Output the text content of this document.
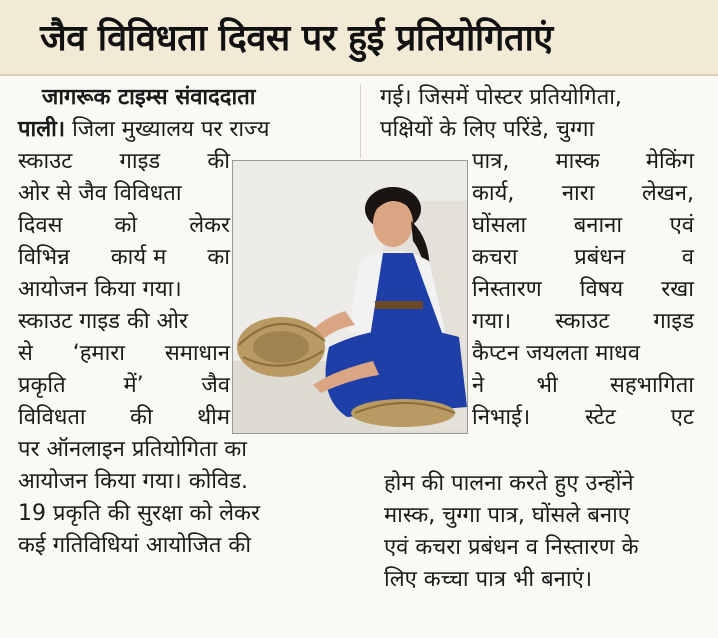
जैव विविधता दिवस पर हुई प्रतियोगिताएं
जागरूक टाइम्स संवाददाता
पाली। जिला मुख्यालय पर राज्य
स्काउट गाइड की
ओर से जैव विविधता
दिवस को लेकर
विभिन्न कार्य म का
आयोजन किया गया।
स्काउट गाइड की ओर
से ‘हमारा समाधान
प्रकृति	में’	जैव
विविधता की थीम
पर ऑनलाइन प्रतियोगिता का
आयोजन किया गया। कोविड.
19 प्रकृति की सुरक्षा को लेकर
कई गतिविधियां आयोजित की
गई। जिसमें पोस्टर प्रतियोगिता,
पक्षियों के लिए परिंडे, चुग्गा
पात्र, मास्क मेकिंग
कार्य, नारा लेखन,
घोंसला बनाना एवं
कचरा	प्रबंधन	व
निस्तारण विषय रखा
गया। स्काउट गाइड
कैप्टन जयलता माधव
ने भी सहभागिता
निभाई। स्टेट एट
होम की पालना करते हुए उन्होंने
मास्क, चुग्गा पात्र, घोंसले बनाए
एवं कचरा प्रबंधन व निस्तारण के
लिए कच्चा पात्र भी बनाएं।
